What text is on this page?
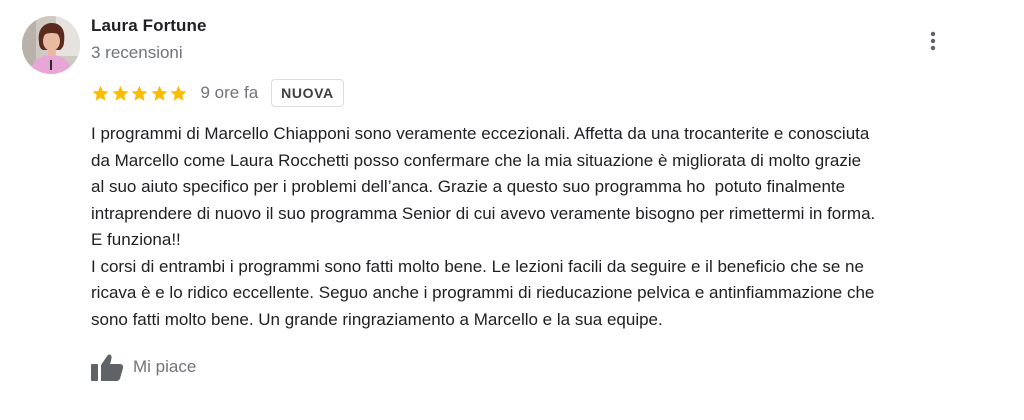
Laura Fortune
3 recensioni
9 ore fa	NUOVA

I programmi di Marcello Chiapponi sono veramente eccezionali. Affetta da una trocanterite e conosciuta
da Marcello come Laura Rocchetti posso confermare che la mia situazione è migliorata di molto grazie
al suo aiuto specifico per i problemi dell’anca. Grazie a questo suo programma ho  potuto finalmente
intraprendere di nuovo il suo programma Senior di cui avevo veramente bisogno per rimettermi in forma.
E funziona!!

I corsi di entrambi i programmi sono fatti molto bene. Le lezioni facili da seguire e il beneficio che se ne
ricava è e lo ridico eccellente. Seguo anche i programmi di rieducazione pelvica e antinfiammazione che
sono fatti molto bene. Un grande ringraziamento a Marcello e la sua equipe.

Mi piace
